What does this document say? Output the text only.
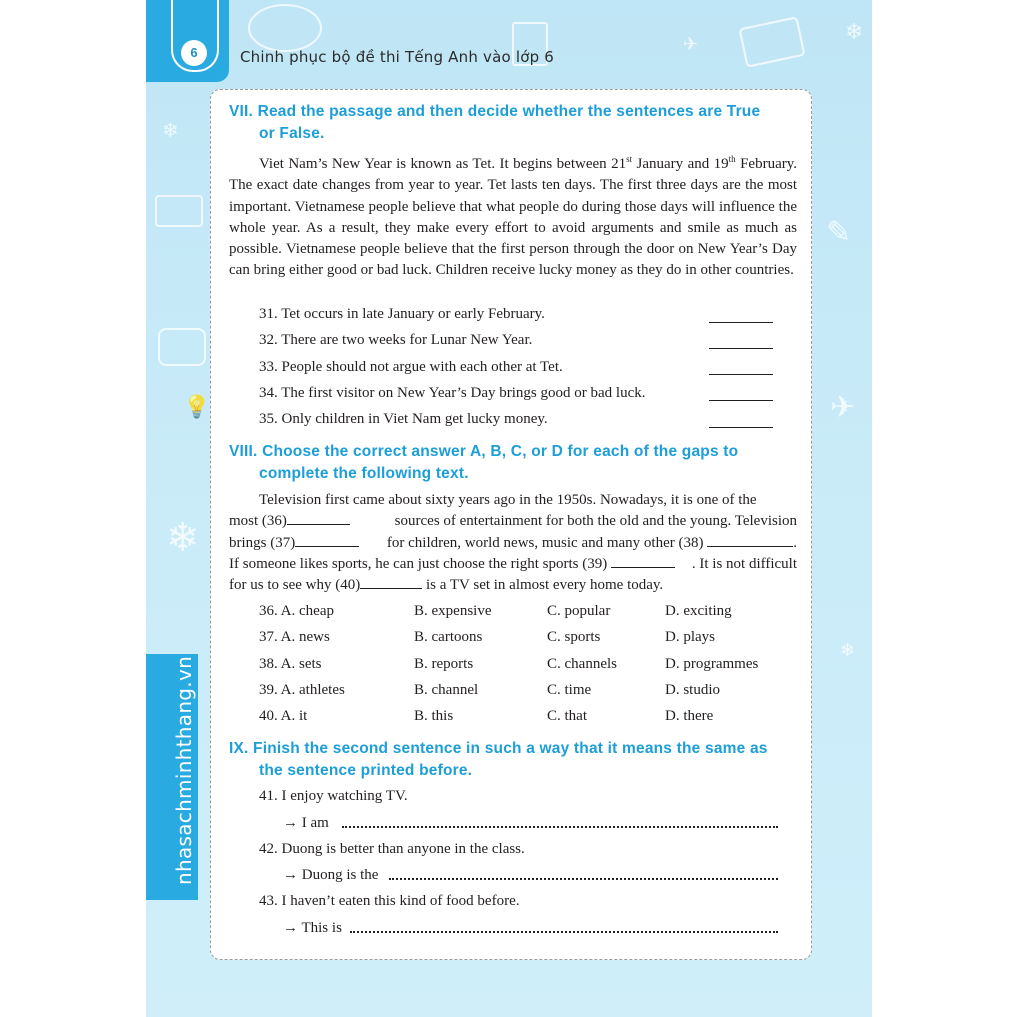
❄
❄
❄
❄
✈
✈
✎
💡
6	Chinh phục bộ đề thi Tếng Anh vào lớp 6
nhasachminhthang.vn
VII. Read the passage and then decide whether the sentences are True
or False.

Viet Nam’s New Year is known as Tet. It begins between 21st January and 19th February. The exact date changes from year to year. Tet lasts ten days. The first three days are the most important. Vietnamese people believe that what people do during those days will influence the whole year. As a result, they make every effort to avoid arguments and smile as much as possible. Vietnamese people believe that the first person through the door on New Year’s Day can bring either good or bad luck. Children receive lucky money as they do in other countries.

31. Tet occurs in late January or early February.
32. There are two weeks for Lunar New Year.
33. People should not argue with each other at Tet.
34. The first visitor on New Year’s Day brings good or bad luck.
35. Only children in Viet Nam get lucky money.
VIII. Choose the correct answer A, B, C, or D for each of the gaps to
complete the following text.
Television first came about sixty years ago in the 1950s. Nowadays, it is one of the
most (36)	sources of entertainment for both the old and the young. Television
brings (37)	for children, world news, music and many other (38)	.
If someone likes sports, he can just choose the right sports (39)	. It is not difficult
for us to see why (40)	is a TV set in almost every home today.
36. A. cheap	B. expensive	C. popular	D. exciting
37. A. news	B. cartoons	C. sports	D. plays
38. A. sets	B. reports	C. channels	D. programmes
39. A. athletes	B. channel	C. time	D. studio
40. A. it	B. this	C. that	D. there
IX. Finish the second sentence in such a way that it means the same as
the sentence printed before.
41. I enjoy watching TV.
→ I am
42. Duong is better than anyone in the class.
→ Duong is the
43. I haven’t eaten this kind of food before.
→ This is
